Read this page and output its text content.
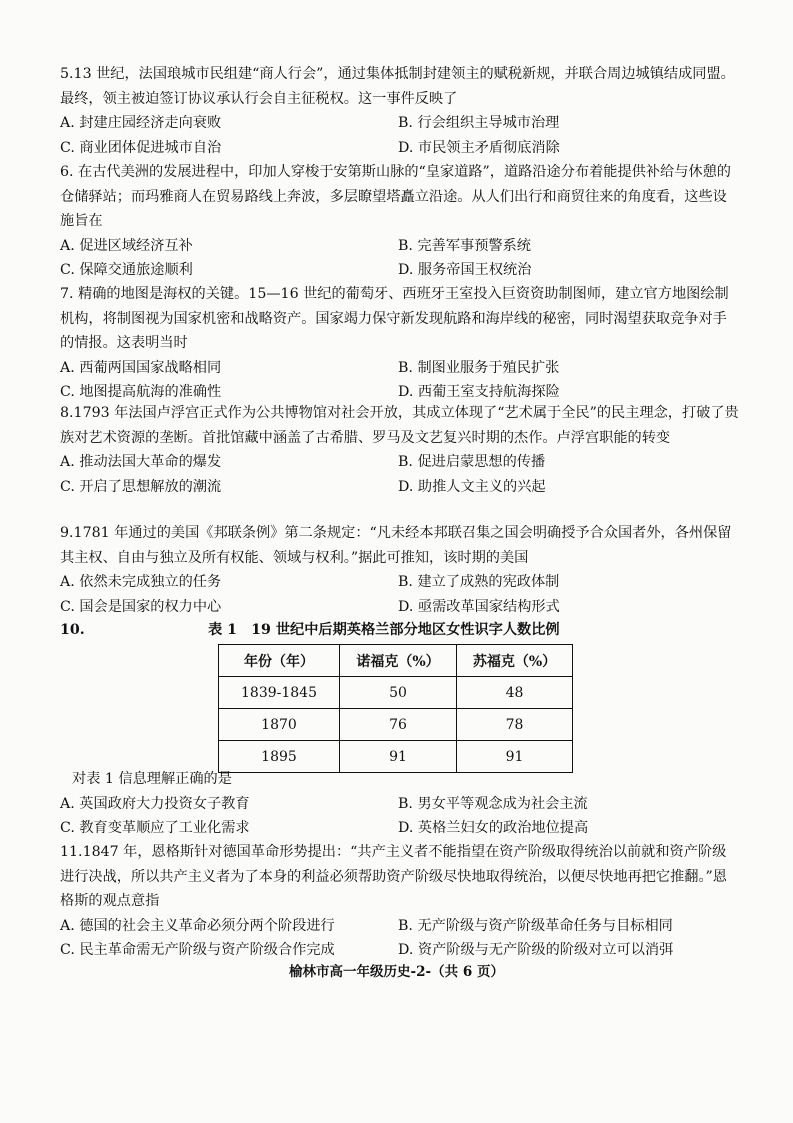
5.13 世纪，法国琅城市民组建“商人行会”，通过集体抵制封建领主的赋税新规，并联合周边城镇结成同盟。最终，领主被迫签订协议承认行会自主征税权。这一事件反映了

A. 封建庄园经济走向衰败	B. 行会组织主导城市治理
C. 商业团体促进城市自治	D. 市民领主矛盾彻底消除

6. 在古代美洲的发展进程中，印加人穿梭于安第斯山脉的“皇家道路”，道路沿途分布着能提供补给与休憩的仓储驿站；而玛雅商人在贸易路线上奔波，多层瞭望塔矗立沿途。从人们出行和商贸往来的角度看，这些设施旨在

A. 促进区域经济互补	B. 完善军事预警系统
C. 保障交通旅途顺利	D. 服务帝国王权统治

7. 精确的地图是海权的关键。15—16 世纪的葡萄牙、西班牙王室投入巨资资助制图师，建立官方地图绘制机构，将制图视为国家机密和战略资产。国家竭力保守新发现航路和海岸线的秘密，同时渴望获取竞争对手的情报。这表明当时

A. 西葡两国国家战略相同	B. 制图业服务于殖民扩张
C. 地图提高航海的准确性	D. 西葡王室支持航海探险

8.1793 年法国卢浮宫正式作为公共博物馆对社会开放，其成立体现了“艺术属于全民”的民主理念，打破了贵族对艺术资源的垄断。首批馆藏中涵盖了古希腊、罗马及文艺复兴时期的杰作。卢浮宫职能的转变

A. 推动法国大革命的爆发	B. 促进启蒙思想的传播
C. 开启了思想解放的潮流	D. 助推人文主义的兴起

9.1781 年通过的美国《邦联条例》第二条规定：“凡未经本邦联召集之国会明确授予合众国者外，各州保留其主权、自由与独立及所有权能、领域与权利。”据此可推知，该时期的美国

A. 依然未完成独立的任务	B. 建立了成熟的宪政体制
C. 国会是国家的权力中心	D. 亟需改革国家结构形式
10.	表 1　19 世纪中后期英格兰部分地区女性识字人数比例
年份（年）	诺福克（%）	苏福克（%）
1839-1845	50	48
1870	76	78
1895	91	91

对表 1 信息理解正确的是

A. 英国政府大力投资女子教育	B. 男女平等观念成为社会主流
C. 教育变革顺应了工业化需求	D. 英格兰妇女的政治地位提高

11.1847 年，恩格斯针对德国革命形势提出：“共产主义者不能指望在资产阶级取得统治以前就和资产阶级进行决战，所以共产主义者为了本身的利益必须帮助资产阶级尽快地取得统治，以便尽快地再把它推翻。”恩格斯的观点意指

A. 德国的社会主义革命必须分两个阶段进行	B. 无产阶级与资产阶级革命任务与目标相同
C. 民主革命需无产阶级与资产阶级合作完成	D. 资产阶级与无产阶级的阶级对立可以消弭
榆林市高一年级历史-2-（共 6 页）
